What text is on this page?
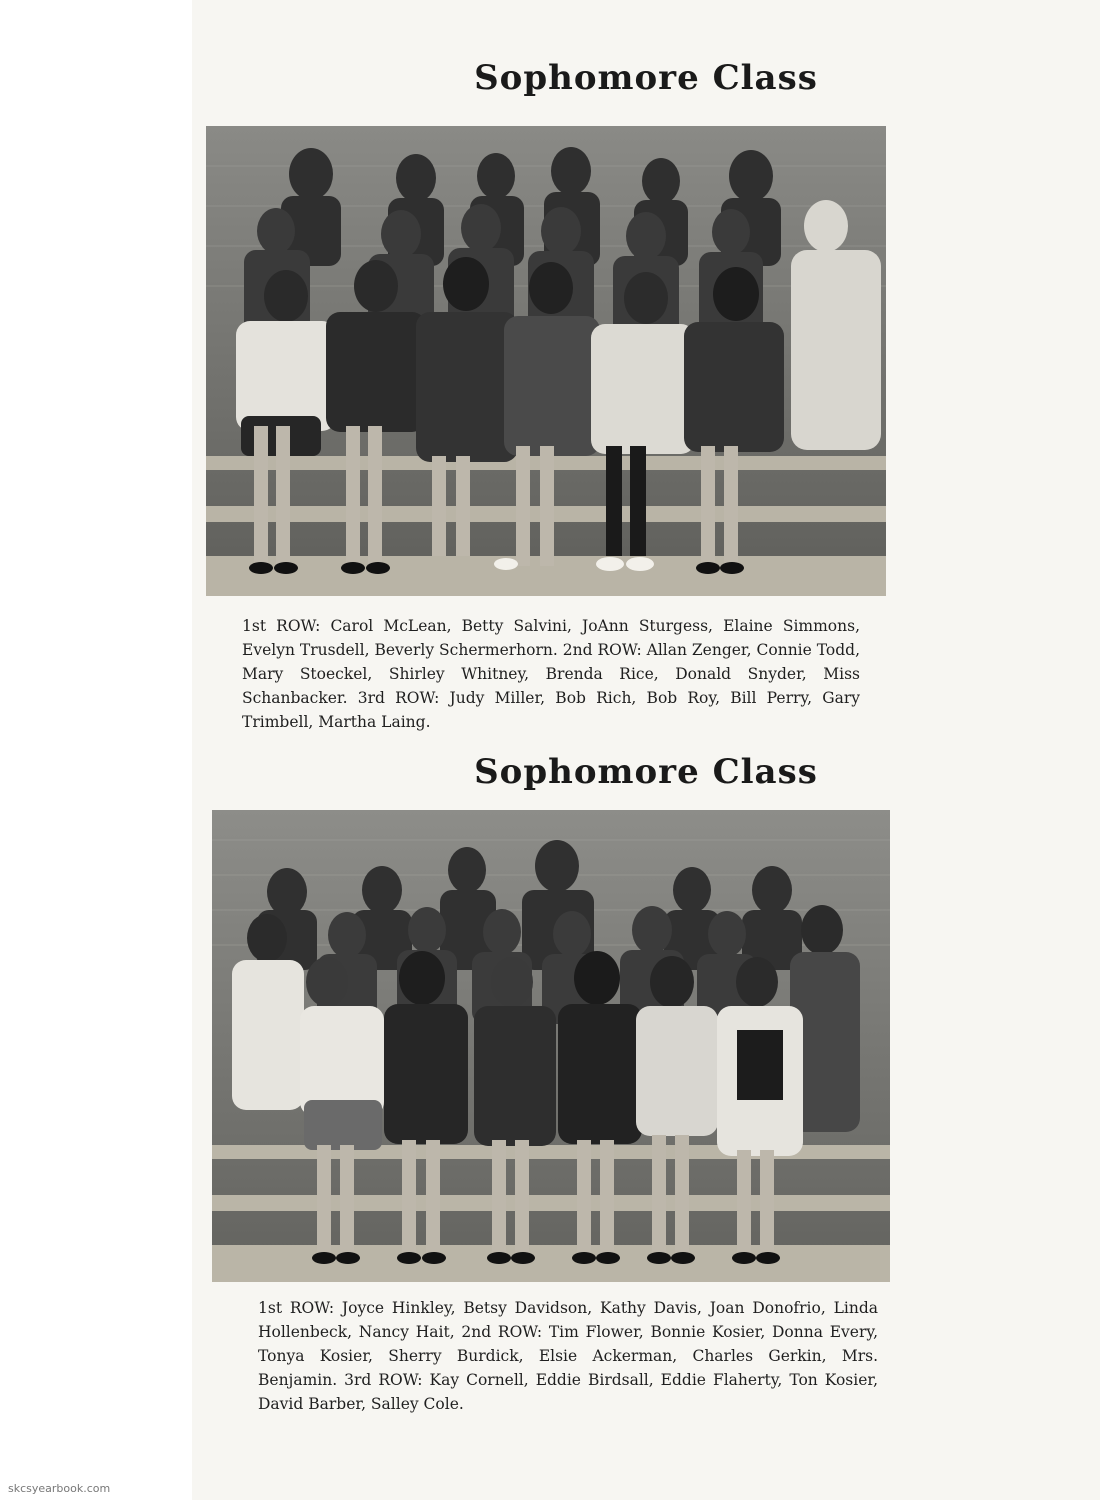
Sophomore Class
1st ROW: Carol McLean, Betty Salvini, JoAnn Sturgess, Elaine Simmons, Evelyn Trusdell, Beverly Schermerhorn. 2nd ROW: Allan Zenger, Connie Todd, Mary Stoeckel, Shirley Whitney, Brenda Rice, Donald Snyder, Miss Schanbacker. 3rd ROW: Judy Miller, Bob Rich, Bob Roy, Bill Perry, Gary Trimbell, Martha Laing.
Sophomore Class
1st ROW: Joyce Hinkley, Betsy Davidson, Kathy Davis, Joan Donofrio, Linda Hollenbeck, Nancy Hait, 2nd ROW: Tim Flower, Bonnie Kosier, Donna Every, Tonya Kosier, Sherry Burdick, Elsie Ackerman, Charles Gerkin, Mrs. Benjamin. 3rd ROW: Kay Cornell, Eddie Birdsall, Eddie Flaherty, Ton Kosier, David Barber, Salley Cole.
skcsyearbook.com
